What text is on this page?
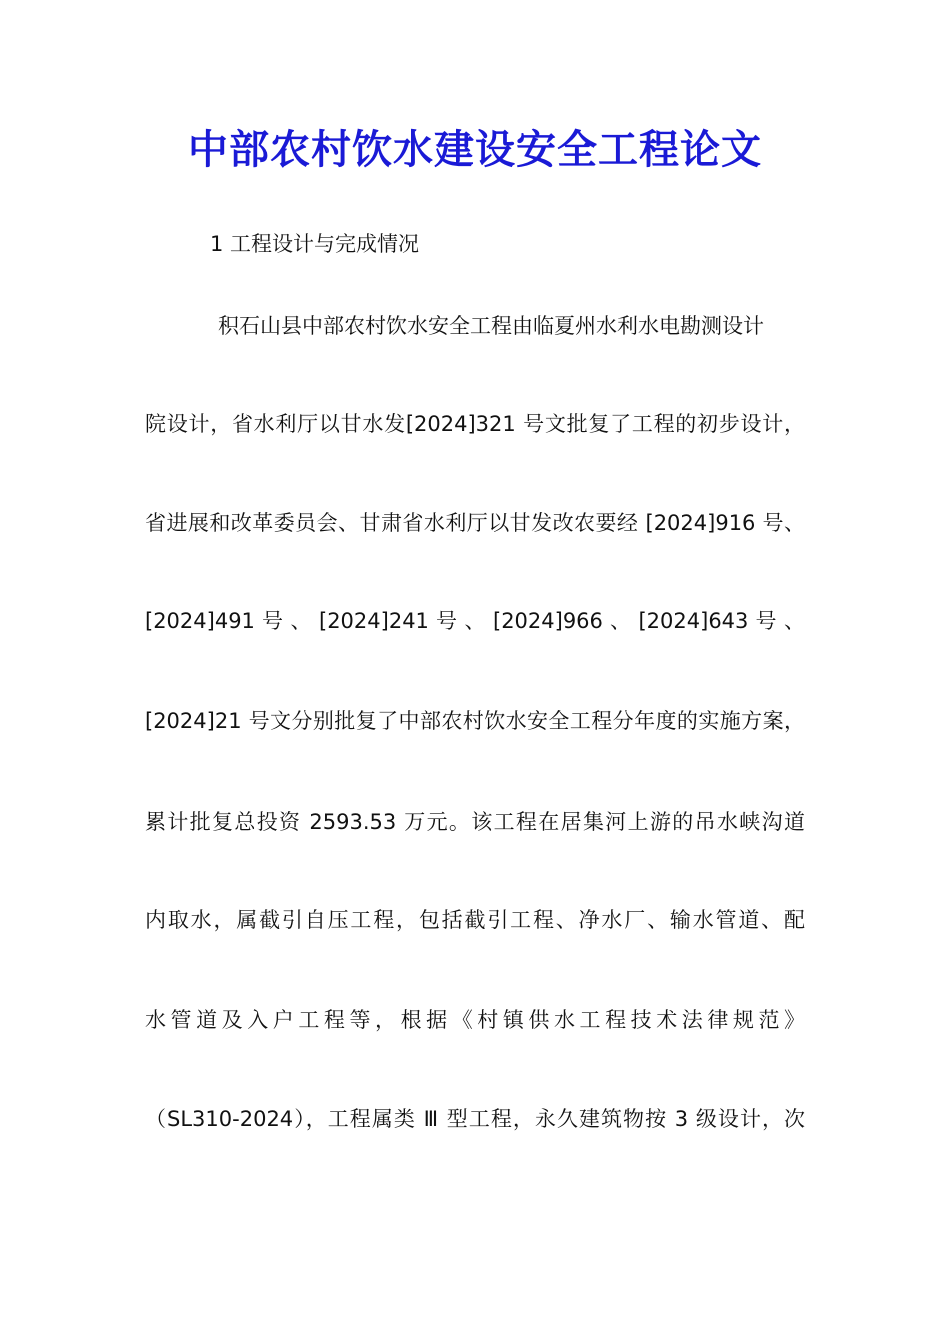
中部农村饮水建设安全工程论文
1 工程设计与完成情况
积石山县中部农村饮水安全工程由临夏州水利水电勘测设计
院设计，省水利厅以甘水发[2024]321 号文批复了工程的初步设计，
省进展和改革委员会、甘肃省水利厅以甘发改农要经 [2024]916 号、
[2024]491 号 、 [2024]241 号 、 [2024]966 、 [2024]643 号 、
[2024]21 号文分别批复了中部农村饮水安全工程分年度的实施方案，
累计批复总投资 2593.53 万元。该工程在居集河上游的吊水峡沟道
内取水，属截引自压工程，包括截引工程、净水厂、输水管道、配
水管道及入户工程等，根据《村镇供水工程技术法律规范》
（SL310-2024），工程属类 Ⅲ 型工程，永久建筑物按 3 级设计，次
